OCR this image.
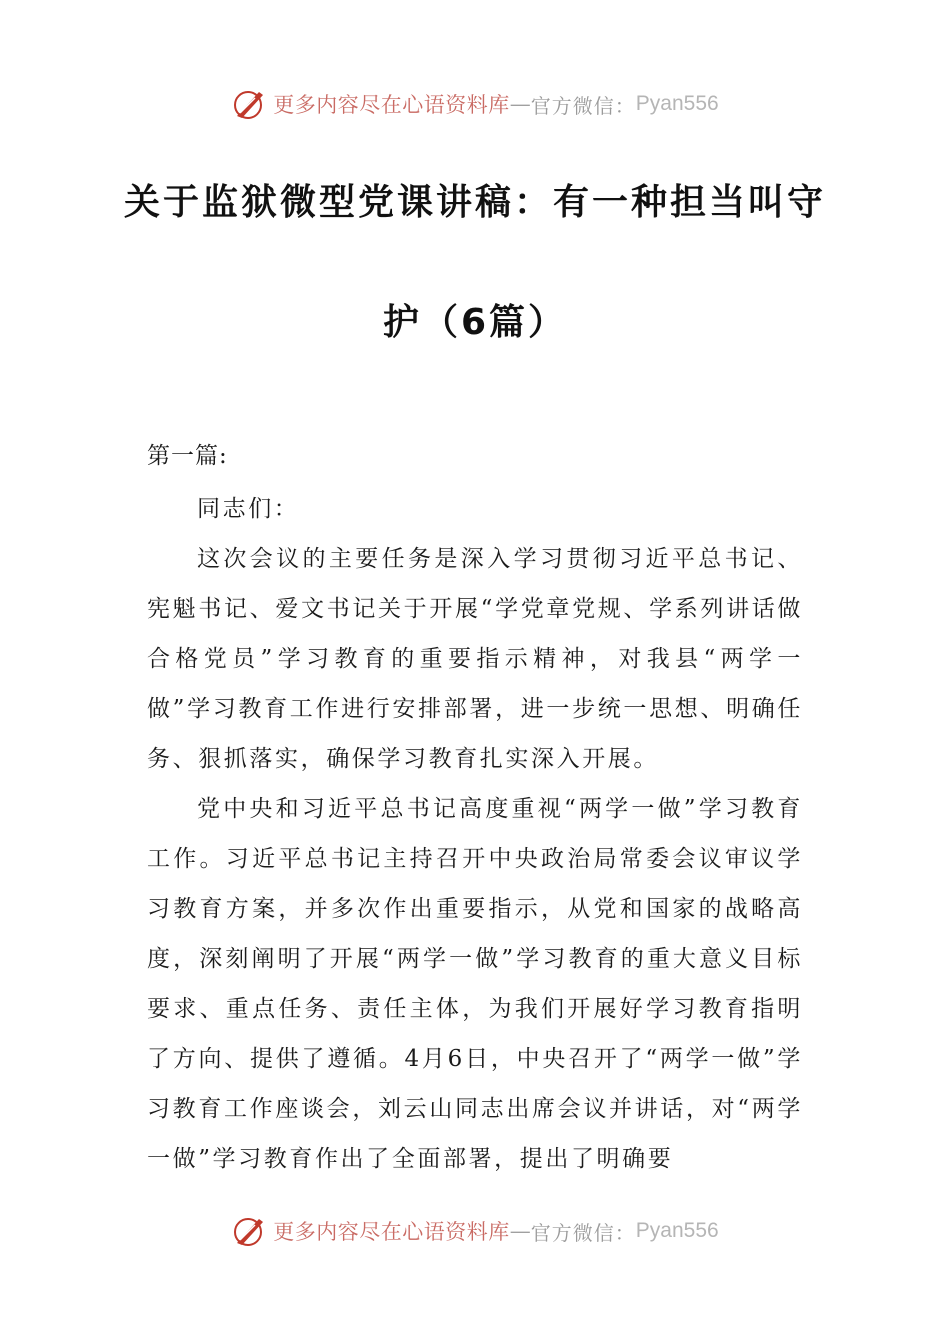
更多内容尽在心语资料库 — 官方微信： Pyan556
关于监狱微型党课讲稿：有一种担当叫守
护（6篇）
第一篇:

同志们：

这次会议的主要任务是深入学习贯彻习近平总书记、宪魁书记、爱文书记关于开展“学党章党规、学系列讲话做合格党员”学习教育的重要指示精神，对我县“两学一做”学习教育工作进行安排部署，进一步统一思想、明确任务、狠抓落实，确保学习教育扎实深入开展。

党中央和习近平总书记高度重视“两学一做”学习教育工作。习近平总书记主持召开中央政治局常委会议审议学习教育方案，并多次作出重要指示，从党和国家的战略高度，深刻阐明了开展“两学一做”学习教育的重大意义目标要求、重点任务、责任主体，为我们开展好学习教育指明了方向、提供了遵循。4月6日，中央召开了“两学一做”学习教育工作座谈会，刘云山同志出席会议并讲话，对“两学一做”学习教育作出了全面部署，提出了明确要

更多内容尽在心语资料库 — 官方微信： Pyan556
